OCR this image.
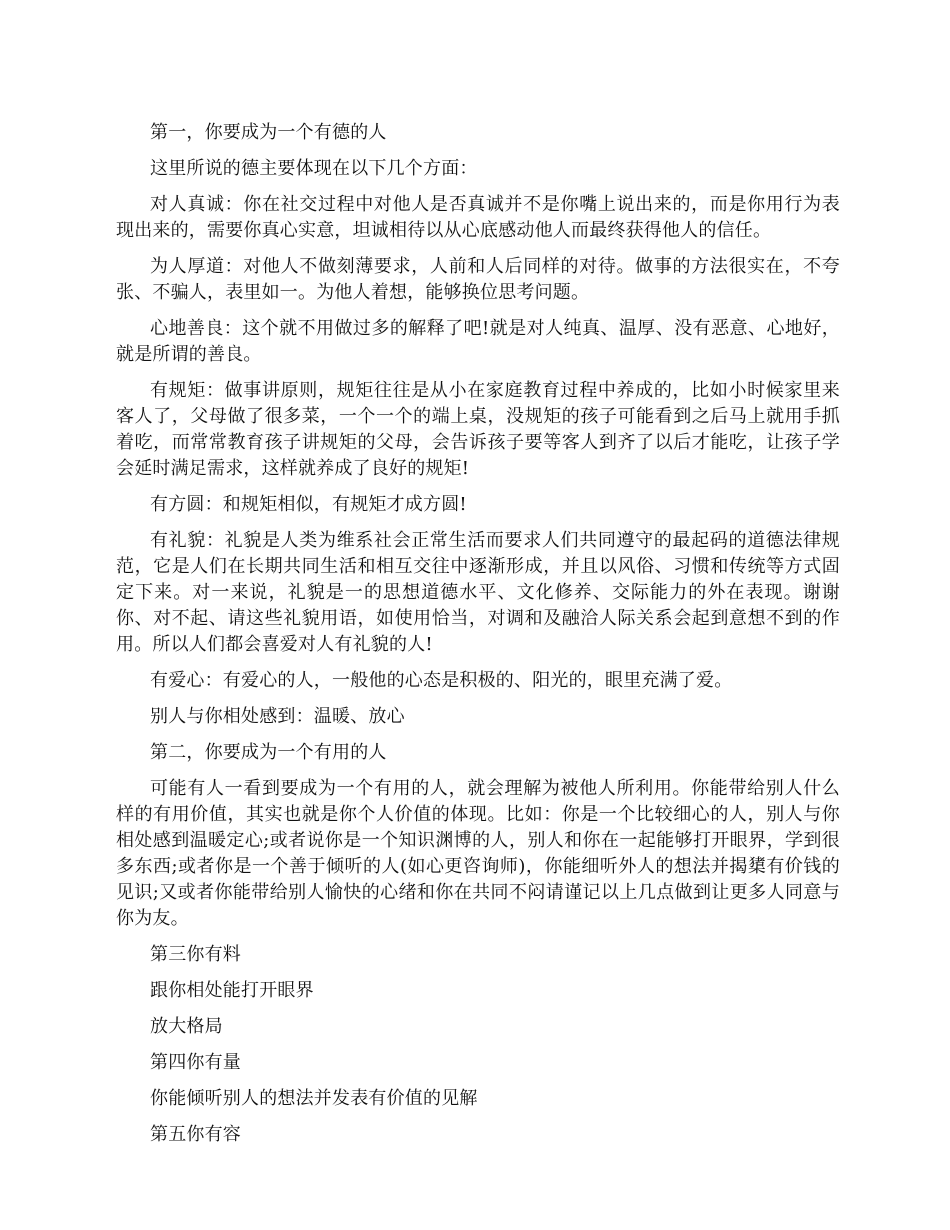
第一，你要成为一个有德的人

这里所说的德主要体现在以下几个方面：

对人真诚：你在社交过程中对他人是否真诚并不是你嘴上说出来的，而是你用行为表现出来的，需要你真心实意，坦诚相待以从心底感动他人而最终获得他人的信任。

为人厚道：对他人不做刻薄要求，人前和人后同样的对待。做事的方法很实在，不夸张、不骗人，表里如一。为他人着想，能够换位思考问题。

心地善良：这个就不用做过多的解释了吧!就是对人纯真、温厚、没有恶意、心地好，就是所谓的善良。

有规矩：做事讲原则，规矩往往是从小在家庭教育过程中养成的，比如小时候家里来客人了，父母做了很多菜，一个一个的端上桌，没规矩的孩子可能看到之后马上就用手抓着吃，而常常教育孩子讲规矩的父母，会告诉孩子要等客人到齐了以后才能吃，让孩子学会延时满足需求，这样就养成了良好的规矩!

有方圆：和规矩相似，有规矩才成方圆!

有礼貌：礼貌是人类为维系社会正常生活而要求人们共同遵守的最起码的道德法律规范，它是人们在长期共同生活和相互交往中逐渐形成，并且以风俗、习惯和传统等方式固定下来。对一来说，礼貌是一的思想道德水平、文化修养、交际能力的外在表现。谢谢你、对不起、请这些礼貌用语，如使用恰当，对调和及融洽人际关系会起到意想不到的作用。所以人们都会喜爱对人有礼貌的人!

有爱心：有爱心的人，一般他的心态是积极的、阳光的，眼里充满了爱。

别人与你相处感到：温暖、放心

第二，你要成为一个有用的人

可能有人一看到要成为一个有用的人，就会理解为被他人所利用。你能带给别人什么样的有用价值，其实也就是你个人价值的体现。比如：你是一个比较细心的人，别人与你相处感到温暖定心;或者说你是一个知识渊博的人，别人和你在一起能够打开眼界，学到很多东西;或者你是一个善于倾听的人(如心更咨询师)，你能细听外人的想法并揭橥有价钱的见识;又或者你能带给别人愉快的心绪和你在共同不闷请谨记以上几点做到让更多人同意与你为友。

第三你有料

跟你相处能打开眼界

放大格局

第四你有量

你能倾听别人的想法并发表有价值的见解

第五你有容
